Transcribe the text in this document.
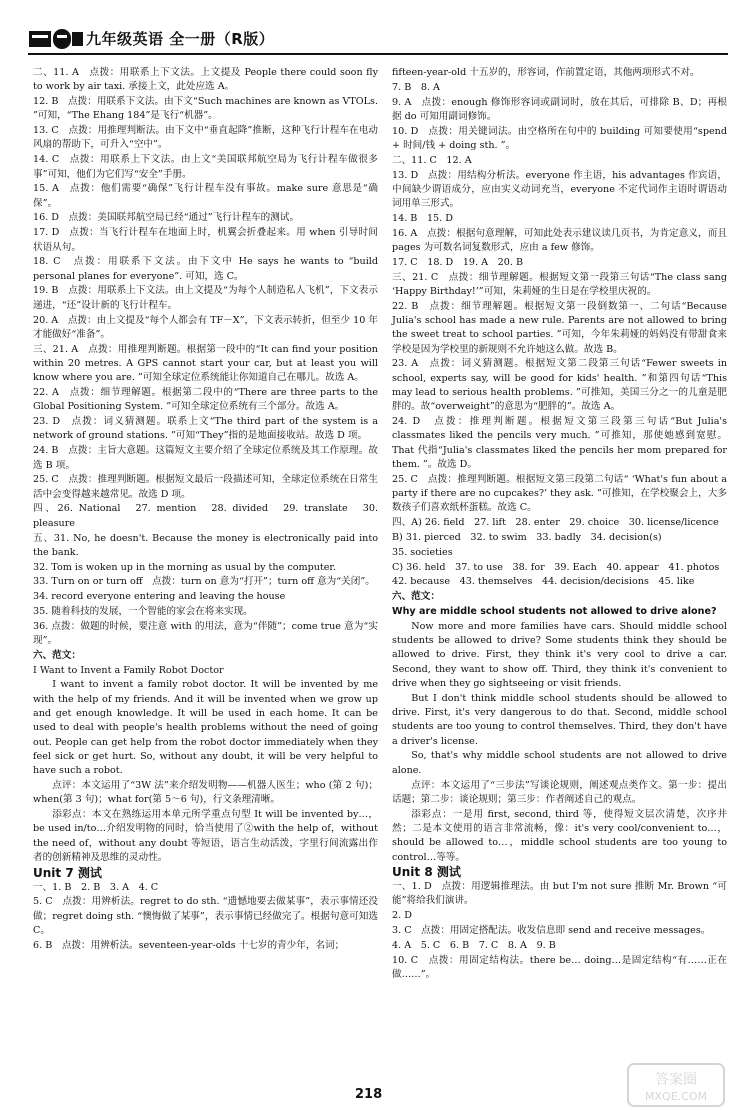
九年级英语 全一册（R版）

二、11. A　点拨：用联系上下文法。上文提及 People there could soon fly to work by air taxi. 承接上文，此处应选 A。

12. B　点拨：用联系下文法。由下文“Such machines are known as VTOLs. ”可知，“The Ehang 184”是飞行“机器”。

13. C　点拨：用推理判断法。由下文中“垂直起降”推断，这种飞行计程车在电动风扇的帮助下，可升入“空中”。

14. C　点拨：用联系上下文法。由上文“美国联邦航空局为飞行计程车做很多事”可知，他们为它们写“安全”手册。

15. A　点拨：他们需要“确保”飞行计程车没有事故。make sure 意思是“确保”。

16. D　点拨：美国联邦航空局已经“通过”飞行计程车的测试。

17. D　点拨：当飞行计程车在地面上时，机翼会折叠起来。用 when 引导时间状语从句。

18. C　点拨：用联系下文法。由下文中 He says he wants to “build personal planes for everyone”. 可知，选 C。

19. B　点拨：用联系上下文法。由上文提及“为每个人制造私人飞机”，下文表示递进，“还”设计新的飞行计程车。

20. A　点拨：由上文提及“每个人都会有 TF－X”，下文表示转折，但至少 10 年才能做好“准备”。

三、21. A　点拨：用推理判断题。根据第一段中的“It can find your position within 20 metres. A GPS cannot start your car, but at least you will know where you are. ”可知全球定位系统能让你知道自己在哪儿。故选 A。

22. A　点拨：细节理解题。根据第二段中的“There are three parts to the Global Positioning System. ”可知全球定位系统有三个部分。故选 A。

23. D　点拨：词义猜测题。联系上文“The third part of the system is a network of ground stations. ”可知“They”指的是地面接收站。故选 D 项。

24. B　点拨：主旨大意题。这篇短文主要介绍了全球定位系统及其工作原理。故选 B 项。

25. C　点拨：推理判断题。根据短文最后一段描述可知，全球定位系统在日常生活中会变得越来越常见。故选 D 项。

四、26. National　27. mention　28. divided　29. translate　30. pleasure

五、31. No, he doesn't. Because the money is electronically paid into the bank.

32. Tom is woken up in the morning as usual by the computer.

33. Turn on or turn off　点拨：turn on 意为“打开”；turn off 意为“关闭”。

34. record everyone entering and leaving the house

35. 随着科技的发展，一个智能的家会在将来实现。

36. 点拨：做题的时候，要注意 with 的用法，意为“伴随”；come true 意为“实现”。

六、范文：

I Want to Invent a Family Robot Doctor

I want to invent a family robot doctor. It will be invented by me with the help of my friends. And it will be invented when we grow up and get enough knowledge. It will be used in each home. It can be used to deal with people's health problems without the need of going out. People can get help from the robot doctor immediately when they feel sick or get hurt. So, without any doubt, it will be very helpful to have such a robot.

点评：本文运用了“3W 法”来介绍发明物——机器人医生；who (第 2 句)；when(第 3 句)；what for(第 5～6 句)，行文条理清晰。

添彩点：本文在熟练运用本单元所学重点句型 It will be invented by…，be used in/to…介绍发明物的同时，恰当使用了②with the help of，without the need of，without any doubt 等短语，语言生动活泼，字里行间流露出作者的创新精神及思维的灵动性。

Unit 7 测试

一、1. B　2. B　3. A　4. C

5. C　点拨：用辨析法。regret to do sth. “遗憾地要去做某事”，表示事情还没做；regret doing sth. “懊悔做了某事”，表示事情已经做完了。根据句意可知选 C。

6. B　点拨：用辨析法。seventeen-year-olds 十七岁的青少年，名词；

fifteen-year-old 十五岁的，形容词，作前置定语，其他两项形式不对。

7. B　8. A

9. A　点拨：enough 修饰形容词或副词时，放在其后，可排除 B、D；再根据 do 可知用副词修饰。

10. D　点拨：用关键词法。由空格所在句中的 building 可知要使用“spend + 时间/钱 + doing sth. ”。

二、11. C　12. A

13. D　点拨：用结构分析法。everyone 作主语，his advantages 作宾语，中间缺少谓语成分，应由实义动词充当，everyone 不定代词作主语时谓语动词用单三形式。

14. B　15. D

16. A　点拨：根据句意理解，可知此处表示建议读几页书，为肯定意义，而且 pages 为可数名词复数形式，应由 a few 修饰。

17. C　18. D　19. A　20. B

三、21. C　点拨：细节理解题。根据短文第一段第三句话“The class sang ‘Happy Birthday!’”可知，朱莉娅的生日是在学校里庆祝的。

22. B　点拨：细节理解题。根据短文第一段倒数第一、二句话“Because Julia's school has made a new rule. Parents are not allowed to bring the sweet treat to school parties. ”可知，今年朱莉娅的妈妈没有带甜食来学校是因为学校里的新规则不允许她这么做。故选 B。

23. A　点拨：词义猜测题。根据短文第二段第三句话“Fewer sweets in school, experts say, will be good for kids' health. ”和第四句话“This may lead to serious health problems. ”可推知，美国三分之一的儿童是肥胖的。故“overweight”的意思为“肥胖的”。故选 A。

24. D　点拨：推理判断题。根据短文第三段第三句话“But Julia's classmates liked the pencils very much. ”可推知，那使她感到宽慰。That 代指“Julia's classmates liked the pencils her mom prepared for them. ”。故选 D。

25. C　点拨：推理判断题。根据短文第三段第二句话“ ‘What's fun about a party if there are no cupcakes?’ they ask. ”可推知，在学校聚会上，大多数孩子们喜欢纸杯蛋糕。故选 C。

四、A) 26. field　27. lift　28. enter　29. choice　30. license/licence

B) 31. pierced　32. to swim　33. badly　34. decision(s)

35. societies

C) 36. held　37. to use　38. for　39. Each　40. appear　41. photos

42. because　43. themselves　44. decision/decisions　45. like

六、范文：

Why are middle school students not allowed to drive alone?

Now more and more families have cars. Should middle school students be allowed to drive? Some students think they should be allowed to drive. First, they think it's very cool to drive a car. Second, they want to show off. Third, they think it's convenient to drive when they go sightseeing or visit friends.

But I don't think middle school students should be allowed to drive. First, it's very dangerous to do that. Second, middle school students are too young to control themselves. Third, they don't have a driver's license.

So, that's why middle school students are not allowed to drive alone.

点评：本文运用了“三步法”写谈论规则，阐述观点类作文。第一步：提出话题；第二步：谈论规则；第三步：作者阐述自己的观点。

添彩点：一是用 first, second, third 等，使得短文层次清楚，次序井然；二是本文使用的语言非常流畅，像：it's very cool/convenient to…，should be allowed to…，middle school students are too young to control…等等。

Unit 8 测试

一、1. D　点拨：用逻辑推理法。由 but I'm not sure 推断 Mr. Brown “可能”将给我们演讲。

2. D

3. C　点拨：用固定搭配法。收发信息即 send and receive messages。

4. A　5. C　6. B　7. C　8. A　9. B

10. C　点拨：用固定结构法。there be… doing…是固定结构“有……正在做……”。

218
答案圈
MXQE.COM
